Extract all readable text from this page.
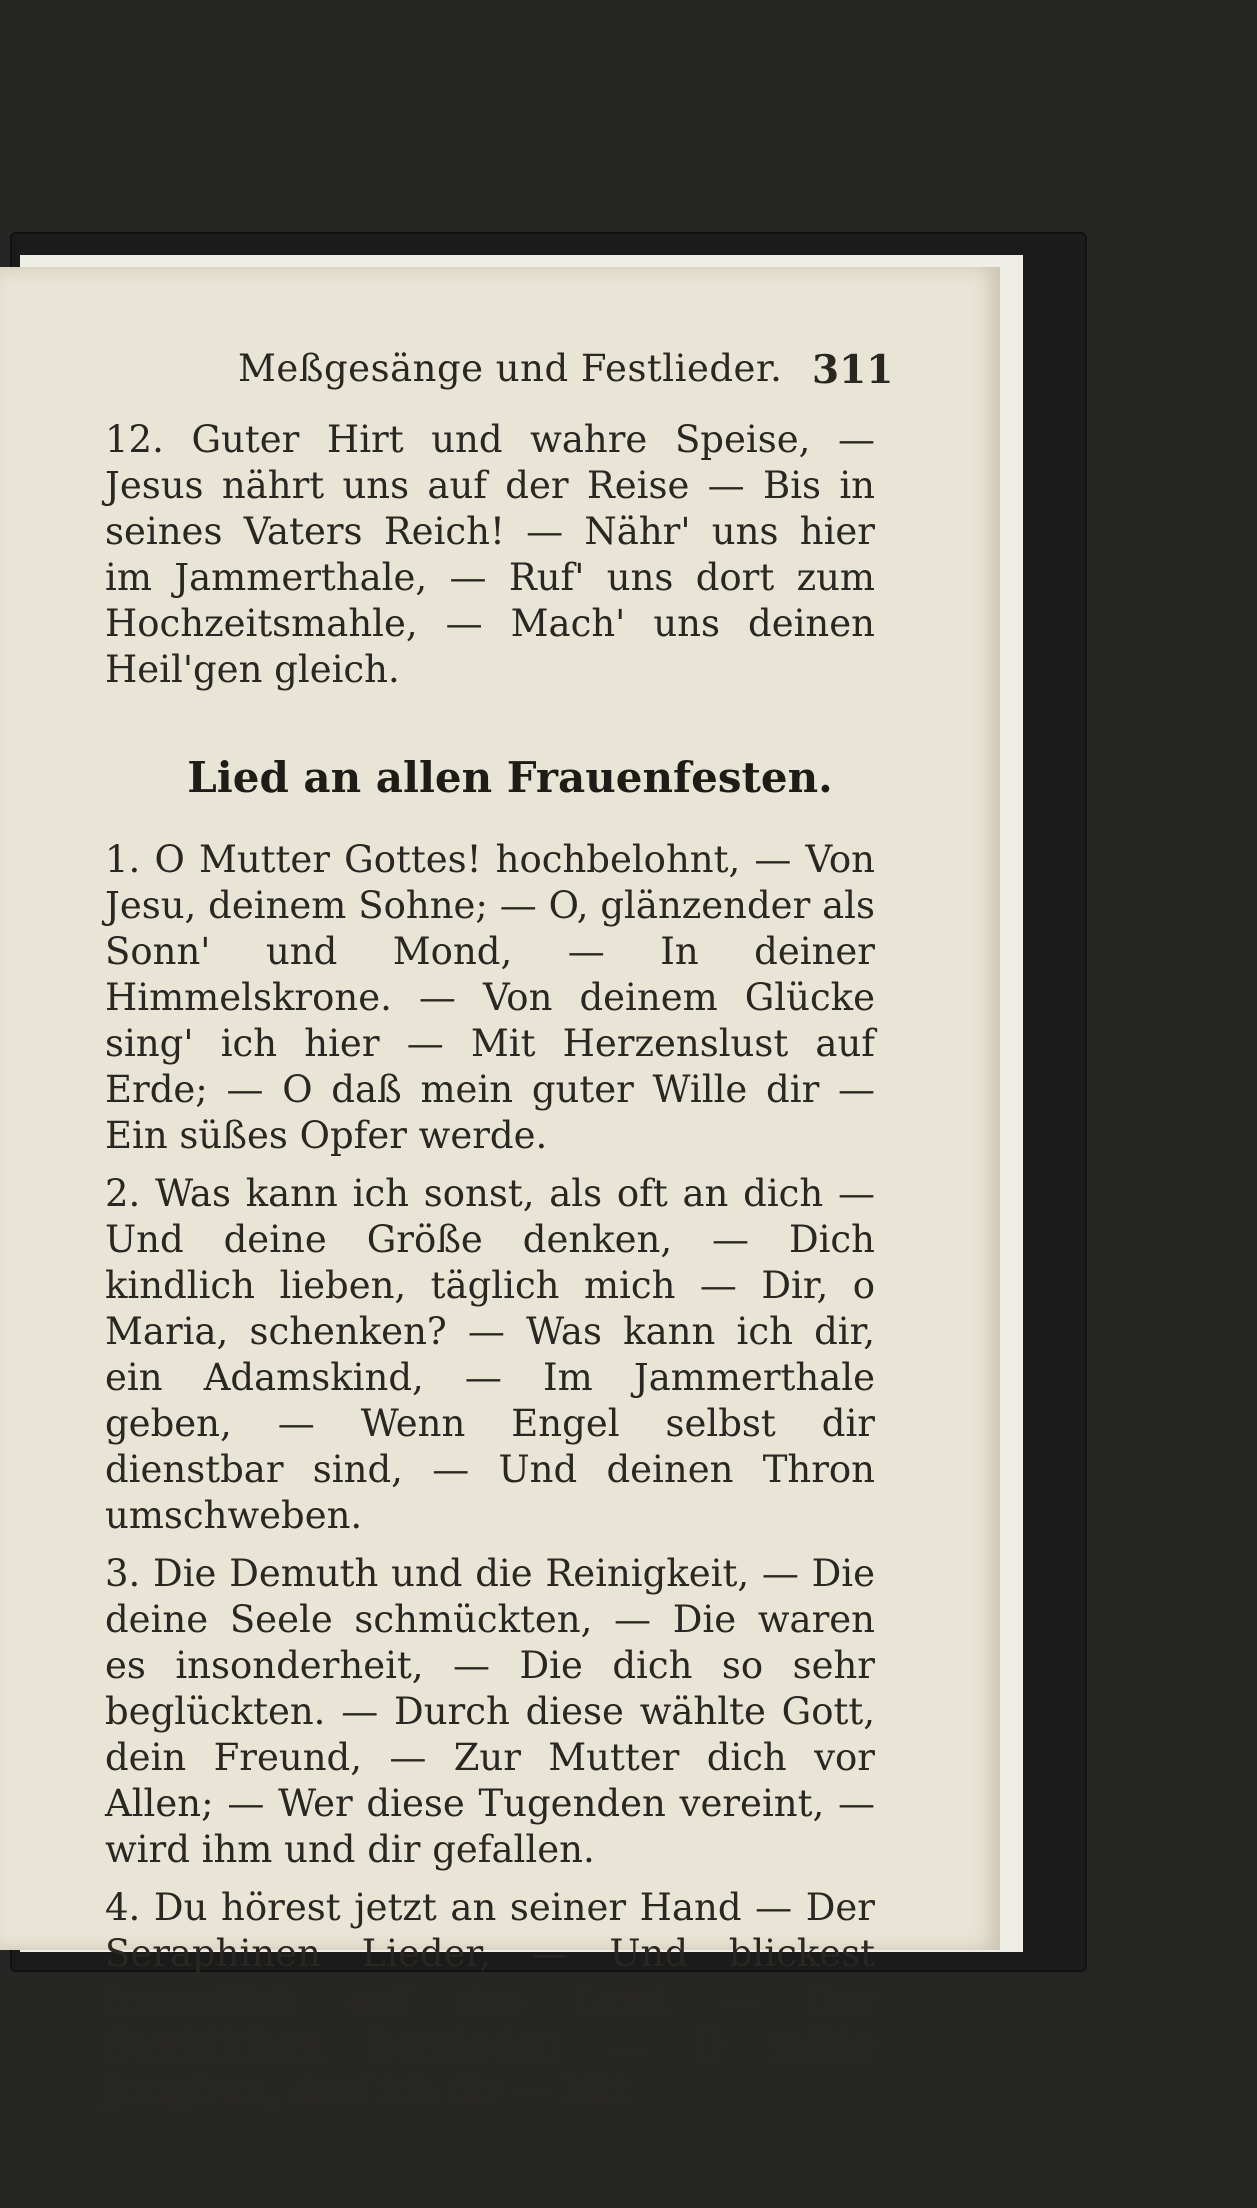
Meßgesänge und Festlieder. 311

12. Guter Hirt und wahre Speise, — Jesus nährt uns auf der Reise — Bis in seines Vaters Reich! — Nähr' uns hier im Jammerthale, — Ruf' uns dort zum Hochzeitsmahle, — Mach' uns deinen Heil'gen gleich.

Lied an allen Frauenfesten.

1. O Mutter Gottes! hochbelohnt, — Von Jesu, deinem Sohne; — O, glänzender als Sonn' und Mond, — In deiner Himmelskrone. — Von deinem Glücke sing' ich hier — Mit Herzenslust auf Erde; — O daß mein guter Wille dir — Ein süßes Opfer werde.

2. Was kann ich sonst, als oft an dich — Und deine Größe denken, — Dich kindlich lieben, täglich mich — Dir, o Maria, schenken? — Was kann ich dir, ein Adamskind, — Im Jammerthale geben, — Wenn Engel selbst dir dienstbar sind, — Und deinen Thron umschweben.

3. Die Demuth und die Reinigkeit, — Die deine Seele schmückten, — Die waren es insonderheit, — Die dich so sehr beglückten. — Durch diese wählte Gott, dein Freund, — Zur Mutter dich vor Allen; — Wer diese Tugenden vereint, — wird ihm und dir gefallen.

4. Du hörest jetzt an seiner Hand — Der Seraphinen Lieder, — Und blickest freundlich auf das Land — Der Sterblichen hernieder. — O milde Jungfrau, darf ich dir — Mit
